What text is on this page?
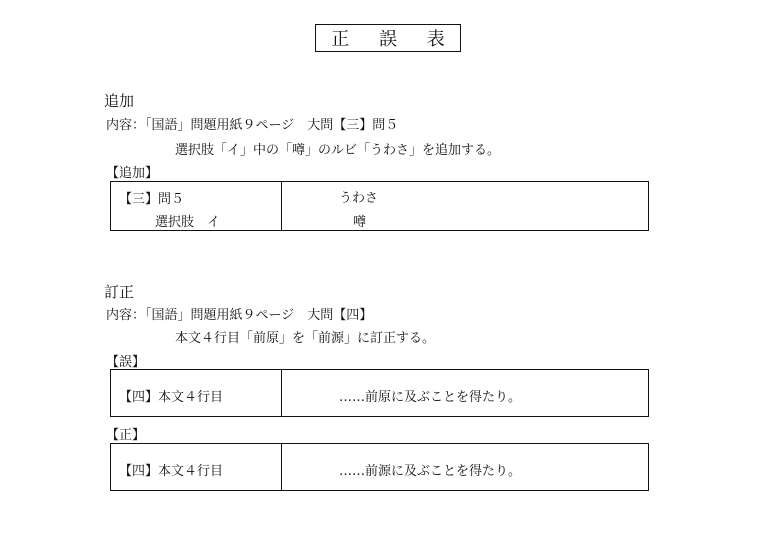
正 誤 表
追加
内容：「国語」問題用紙９ページ　大問【三】問５
選択肢「イ」中の「噂」のルビ「うわさ」を追加する。
【追加】
【三】問５
選択肢　イ
うわさ
噂
訂正
内容：「国語」問題用紙９ページ　大問【四】
本文４行目「前原」を「前源」に訂正する。
【誤】
【四】本文４行目	……前原に及ぶことを得たり。
【正】
【四】本文４行目	……前源に及ぶことを得たり。
